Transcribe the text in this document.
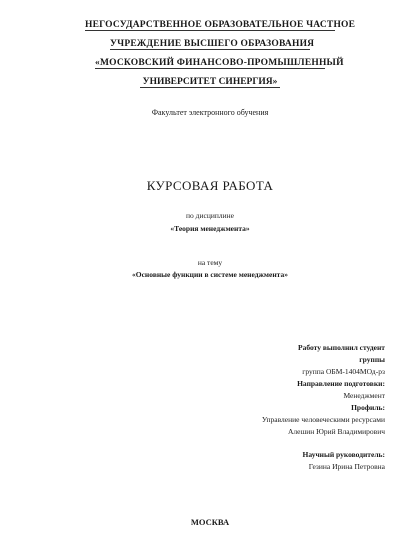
НЕГОСУДАРСТВЕННОЕ ОБРАЗОВАТЕЛЬНОЕ ЧАСТНОЕ
УЧРЕЖДЕНИЕ ВЫСШЕГО ОБРАЗОВАНИЯ
«МОСКОВСКИЙ ФИНАНСОВО-ПРОМЫШЛЕННЫЙ
УНИВЕРСИТЕТ СИНЕРГИЯ»
Факультет электронного обучения
КУРСОВАЯ РАБОТА
по дисциплине
«Теория менеджмента»
на тему
«Основные функции в системе менеджмента»
Работу выполнил студент
группы
группа ОБМ-1404МОд-рз
Направление подготовки:
Менеджмент
Профиль:
Управление человеческими ресурсами
Алешин Юрий Владимирович
Научный руководитель:
Гезина Ирина Петровна
МОСКВА
